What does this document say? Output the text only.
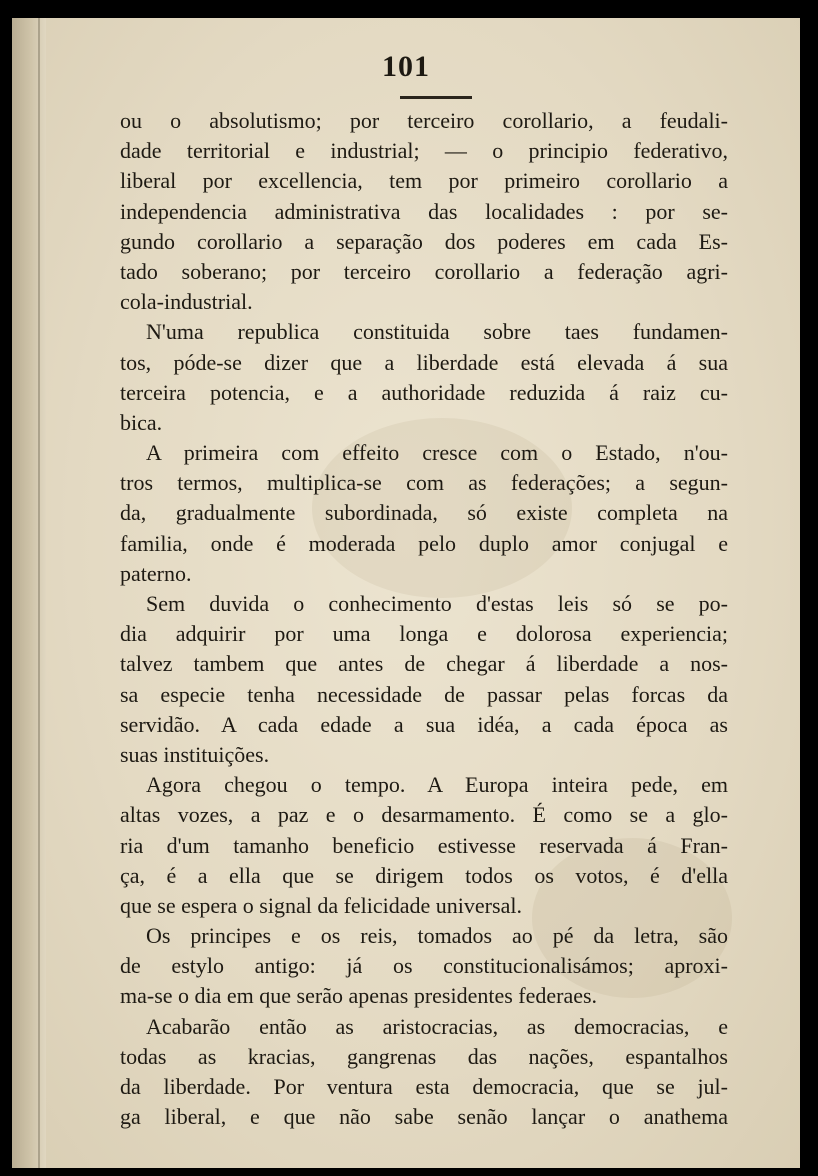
101
ou o absolutismo; por terceiro corollario, a feudali-
dade territorial e industrial; — o principio federativo,
liberal por excellencia, tem por primeiro corollario a
independencia administrativa das localidades : por se-
gundo corollario a separação dos poderes em cada Es-
tado soberano; por terceiro corollario a federação agri-
cola-industrial.
N'uma republica constituida sobre taes fundamen-
tos, póde-se dizer que a liberdade está elevada á sua
terceira potencia, e a authoridade reduzida á raiz cu-
bica.
A primeira com effeito cresce com o Estado, n'ou-
tros termos, multiplica-se com as federações; a segun-
da, gradualmente subordinada, só existe completa na
familia, onde é moderada pelo duplo amor conjugal e
paterno.
Sem duvida o conhecimento d'estas leis só se po-
dia adquirir por uma longa e dolorosa experiencia;
talvez tambem que antes de chegar á liberdade a nos-
sa especie tenha necessidade de passar pelas forcas da
servidão. A cada edade a sua idéa, a cada época as
suas instituições.
Agora chegou o tempo. A Europa inteira pede, em
altas vozes, a paz e o desarmamento. É como se a glo-
ria d'um tamanho beneficio estivesse reservada á Fran-
ça, é a ella que se dirigem todos os votos, é d'ella
que se espera o signal da felicidade universal.
Os principes e os reis, tomados ao pé da letra, são
de estylo antigo: já os constitucionalisámos; aproxi-
ma-se o dia em que serão apenas presidentes federaes.
Acabarão então as aristocracias, as democracias, e
todas as kracias, gangrenas das nações, espantalhos
da liberdade. Por ventura esta democracia, que se jul-
ga liberal, e que não sabe senão lançar o anathema
